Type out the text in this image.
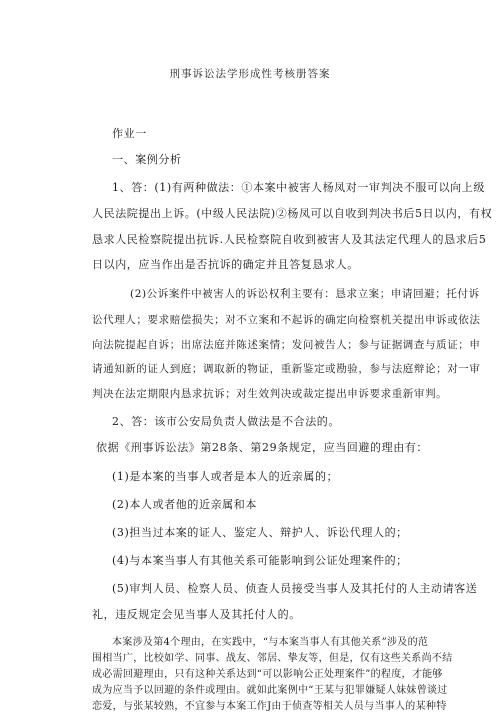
刑事诉讼法学形成性考核册答案
作业一
一、案例分析
1、答：(1)有两种做法：①本案中被害人杨凤对一审判决不服可以向上级
人民法院提出上诉。(中级人民法院)②杨凤可以自收到判决书后5日以内，有权
恳求人民检察院提出抗诉.人民检察院自收到被害人及其法定代理人的恳求后5
日以内，应当作出是否抗诉的确定并且答复恳求人。
(2)公诉案件中被害人的诉讼权利主要有：恳求立案；申请回避；托付诉
讼代理人；要求赔偿损失；对不立案和不起诉的确定向检察机关提出申诉或依法
向法院提起自诉；出席法庭并陈述案情；发问被告人；参与证据调查与质证；申
请通知新的证人到庭；调取新的物证，重新鉴定或勘验，参与法庭辩论；对一审
判决在法定期限内恳求抗诉；对生效判决或裁定提出申诉要求重新审判。
2、答：该市公安局负责人做法是不合法的。
依据《刑事诉讼法》第28条、第29条规定，应当回避的理由有：
(1)是本案的当事人或者是本人的近亲属的；
(2)本人或者他的近亲属和本
(3)担当过本案的证人、鉴定人、辩护人、诉讼代理人的；
(4)与本案当事人有其他关系可能影响到公证处理案件的；
(5)审判人员、检察人员、侦查人员接受当事人及其托付的人主动请客送
礼，违反规定会见当事人及其托付人的。
本案涉及第4个理由，在实践中，“与本案当事人有其他关系”涉及的范
围相当广，比校如学、同事、战友、邻居、挚友等，但是，仅有这些关系尚不结
成必需回避理由，只有这种关系达到“可以影响公正处理案件”的程度，才能够
成为应当予以回避的条件或理由。就如此案例中“王某与犯罪嫌疑人妹妹曾谈过
恋爱，与张某较熟，不宜参与本案工作J由于侦查等相关人员与当事人的某种特
